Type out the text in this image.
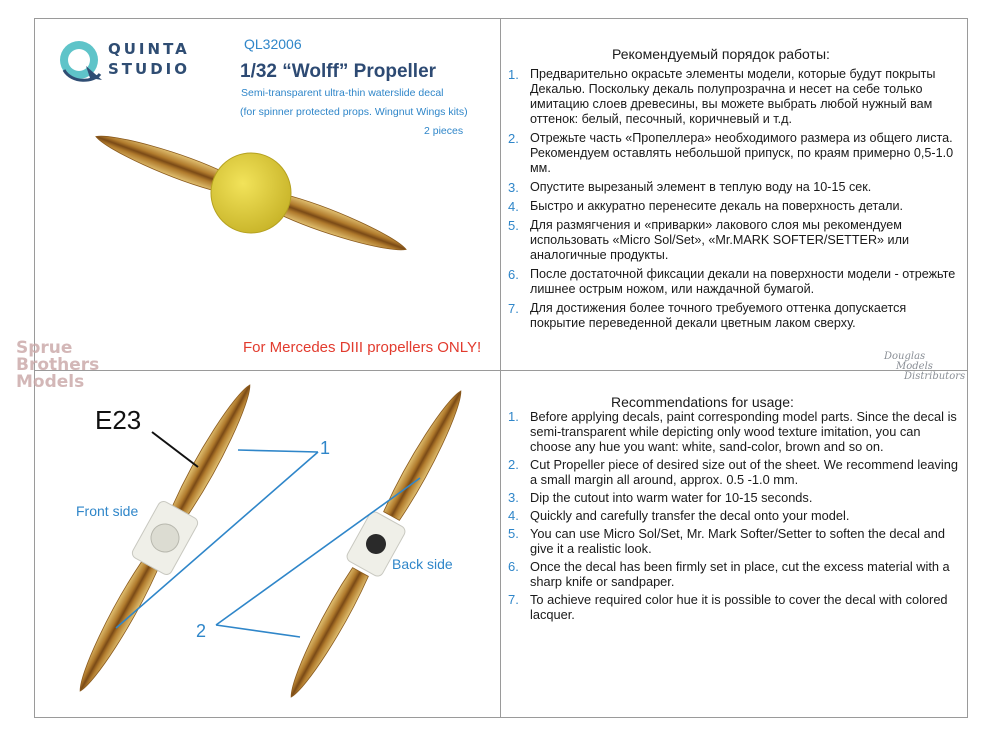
QUINTA
STUDIO
QL32006
1/32 “Wolff” Propeller
Semi-transparent ultra-thin waterslide decal
(for spinner protected props. Wingnut Wings kits)
2 pieces
For Mercedes DIII propellers ONLY!
Sprue
Brothers
Models
Douglas
Models
Distributors
E23
Front side
Back side
1
2
Рекомендуемый порядок работы:
1. Предварительно окрасьте элементы модели, которые будут покрыты Декалью. Поскольку декаль полупрозрачна и несет на себе только имитацию слоев древесины, вы можете выбрать любой нужный вам оттенок: белый, песочный, коричневый и т.д.
2. Отрежьте часть «Пропеллера» необходимого размера из общего листа. Рекомендуем оставлять небольшой припуск, по краям примерно 0,5-1.0 мм.
3. Опустите вырезаный элемент в теплую воду на 10-15 сек.
4. Быстро и аккуратно перенесите декаль на поверхность детали.
5. Для размягчения и «приварки» лакового слоя мы рекомендуем использовать «Micro Sol/Set», «Mr.MARK SOFTER/SETTER» или аналогичные продукты.
6. После достаточной фиксации декали на поверхности модели - отрежьте лишнее острым ножом, или наждачной бумагой.
7. Для достижения более точного требуемого оттенка допускается покрытие переведенной декали цветным лаком сверху.
Recommendations for usage:
1. Before applying decals, paint corresponding model parts. Since the decal is semi-transparent while depicting only wood texture imitation, you can choose any hue you want: white, sand-color, brown and so on.
2. Cut Propeller piece of desired size out of the sheet. We recommend leaving a small margin all around, approx. 0.5 -1.0 mm.
3. Dip the cutout into warm water for 10-15 seconds.
4. Quickly and carefully transfer the decal onto your model.
5. You can use Micro Sol/Set, Mr. Mark Softer/Setter to soften the decal and give it a realistic look.
6. Once the decal has been firmly set in place, cut the excess material with a sharp knife or sandpaper.
7. To achieve required color hue it is possible to cover the decal with colored lacquer.
